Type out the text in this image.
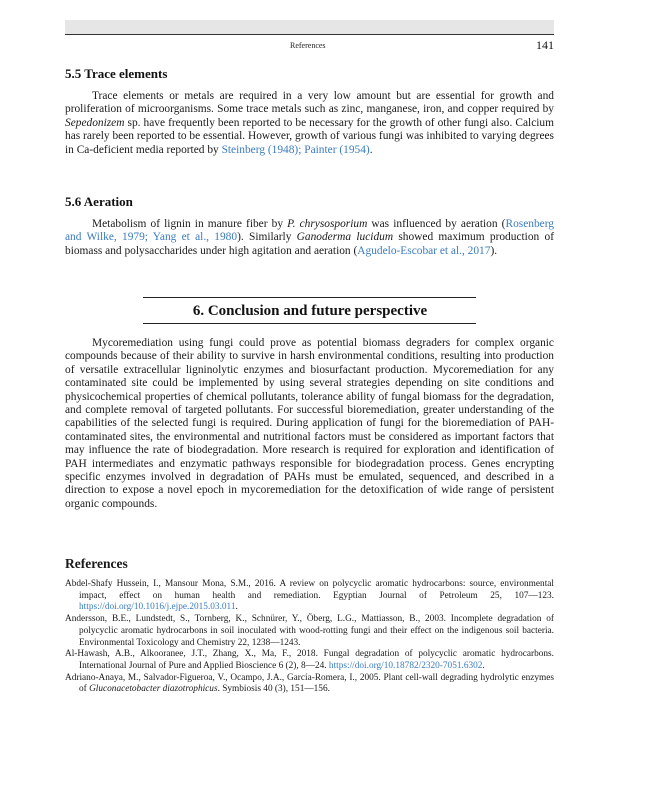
References	141
5.5 Trace elements

Trace elements or metals are required in a very low amount but are essential for growth and proliferation of microorganisms. Some trace metals such as zinc, manganese, iron, and copper required by Sepedonizem sp. have frequently been reported to be necessary for the growth of other fungi also. Calcium has rarely been reported to be essential. However, growth of various fungi was inhibited to varying degrees in Ca-deficient media reported by Steinberg (1948); Painter (1954).

5.6 Aeration

Metabolism of lignin in manure fiber by P. chrysosporium was influenced by aeration (Rosenberg and Wilke, 1979; Yang et al., 1980). Similarly Ganoderma lucidum showed maximum production of biomass and polysaccharides under high agitation and aeration (Agudelo-Escobar et al., 2017).

6. Conclusion and future perspective

Mycoremediation using fungi could prove as potential biomass degraders for complex organic compounds because of their ability to survive in harsh environmental conditions, resulting into production of versatile extracellular ligninolytic enzymes and biosurfactant production. Mycoremediation for any contaminated site could be implemented by using several strategies depending on site conditions and physicochemical properties of chemical pollutants, tolerance ability of fungal biomass for the degradation, and complete removal of targeted pollutants. For successful bioremediation, greater understanding of the capabilities of the selected fungi is required. During application of fungi for the bioremediation of PAH-contaminated sites, the environmental and nutritional factors must be considered as important factors that may influence the rate of biodegradation. More research is required for exploration and identification of PAH intermediates and enzymatic pathways responsible for biodegradation process. Genes encrypting specific enzymes involved in degradation of PAHs must be emulated, sequenced, and described in a direction to expose a novel epoch in mycoremediation for the detoxification of wide range of persistent organic compounds.

References

Abdel-Shafy Hussein, I., Mansour Mona, S.M., 2016. A review on polycyclic aromatic hydrocarbons: source, environmental impact, effect on human health and remediation. Egyptian Journal of Petroleum 25, 107—123. https://doi.org/10.1016/j.ejpe.2015.03.011.

Andersson, B.E., Lundstedt, S., Tornberg, K., Schnürer, Y., Öberg, L.G., Mattiasson, B., 2003. Incomplete degradation of polycyclic aromatic hydrocarbons in soil inoculated with wood-rotting fungi and their effect on the indigenous soil bacteria. Environmental Toxicology and Chemistry 22, 1238—1243.

Al-Hawash, A.B., Alkooranee, J.T., Zhang, X., Ma, F., 2018. Fungal degradation of polycyclic aromatic hydrocarbons. International Journal of Pure and Applied Bioscience 6 (2), 8—24. https://doi.org/10.18782/2320-7051.6302.

Adriano-Anaya, M., Salvador-Figueroa, V., Ocampo, J.A., García-Romera, I., 2005. Plant cell-wall degrading hydrolytic enzymes of Gluconacetobacter diazotrophicus. Symbiosis 40 (3), 151—156.
